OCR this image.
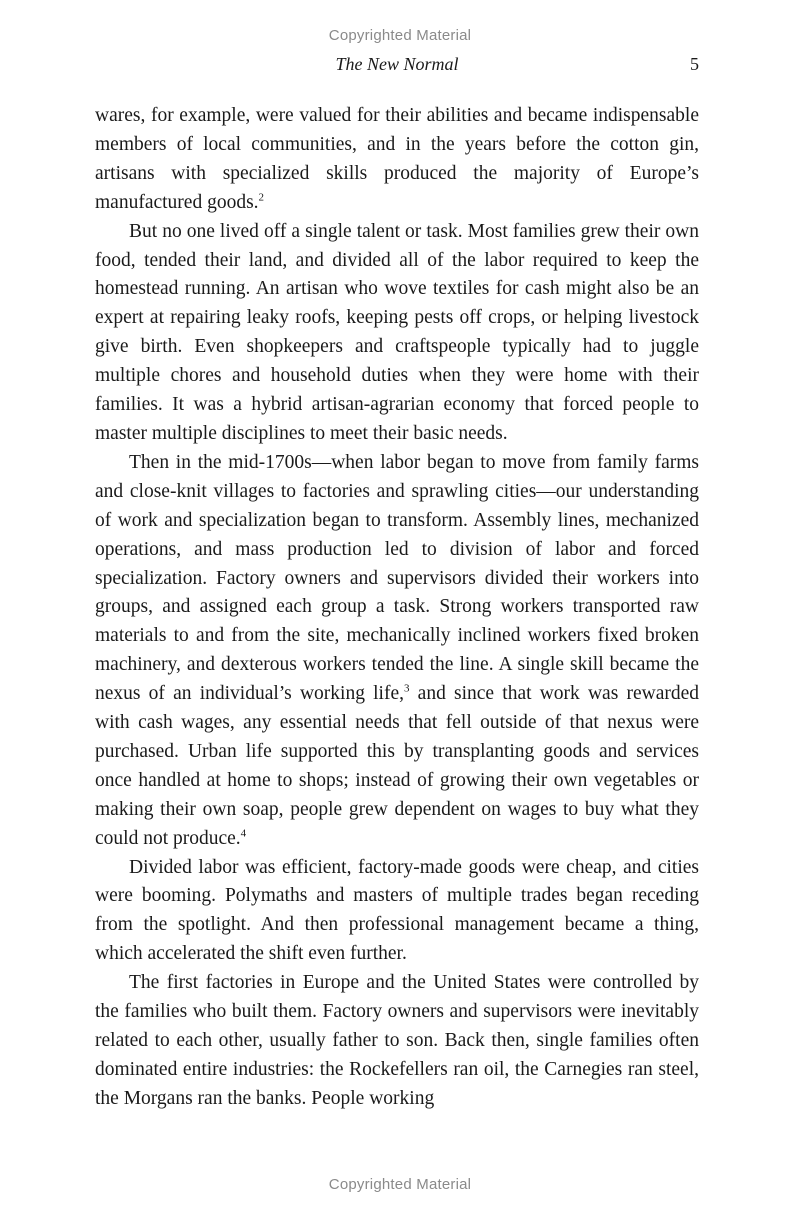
Copyrighted Material
The New Normal	5

wares, for example, were valued for their abilities and became indispensable members of local communities, and in the years before the cotton gin, artisans with specialized skills produced the majority of Europe’s manufactured goods.$^2$

But no one lived off a single talent or task. Most families grew their own food, tended their land, and divided all of the labor required to keep the homestead running. An artisan who wove textiles for cash might also be an expert at repairing leaky roofs, keeping pests off crops, or helping livestock give birth. Even shopkeepers and craftspeople typically had to juggle multiple chores and household duties when they were home with their families. It was a hybrid artisan-agrarian economy that forced people to master multiple disciplines to meet their basic needs.

Then in the mid-1700s—when labor began to move from family farms and close-knit villages to factories and sprawling cities—our understanding of work and specialization began to transform. Assembly lines, mechanized operations, and mass production led to division of labor and forced specialization. Factory owners and supervisors divided their workers into groups, and assigned each group a task. Strong workers transported raw materials to and from the site, mechanically inclined workers fixed broken machinery, and dexterous workers tended the line. A single skill became the nexus of an individual’s working life,$^3$ and since that work was rewarded with cash wages, any essential needs that fell outside of that nexus were purchased. Urban life supported this by transplanting goods and services once handled at home to shops; instead of growing their own vegetables or making their own soap, people grew dependent on wages to buy what they could not produce.$^4$

Divided labor was efficient, factory-made goods were cheap, and cities were booming. Polymaths and masters of multiple trades began receding from the spotlight. And then professional management became a thing, which accelerated the shift even further.

The first factories in Europe and the United States were controlled by the families who built them. Factory owners and supervisors were inevitably related to each other, usually father to son. Back then, single families often dominated entire industries: the Rockefellers ran oil, the Carnegies ran steel, the Morgans ran the banks. People working

Copyrighted Material
